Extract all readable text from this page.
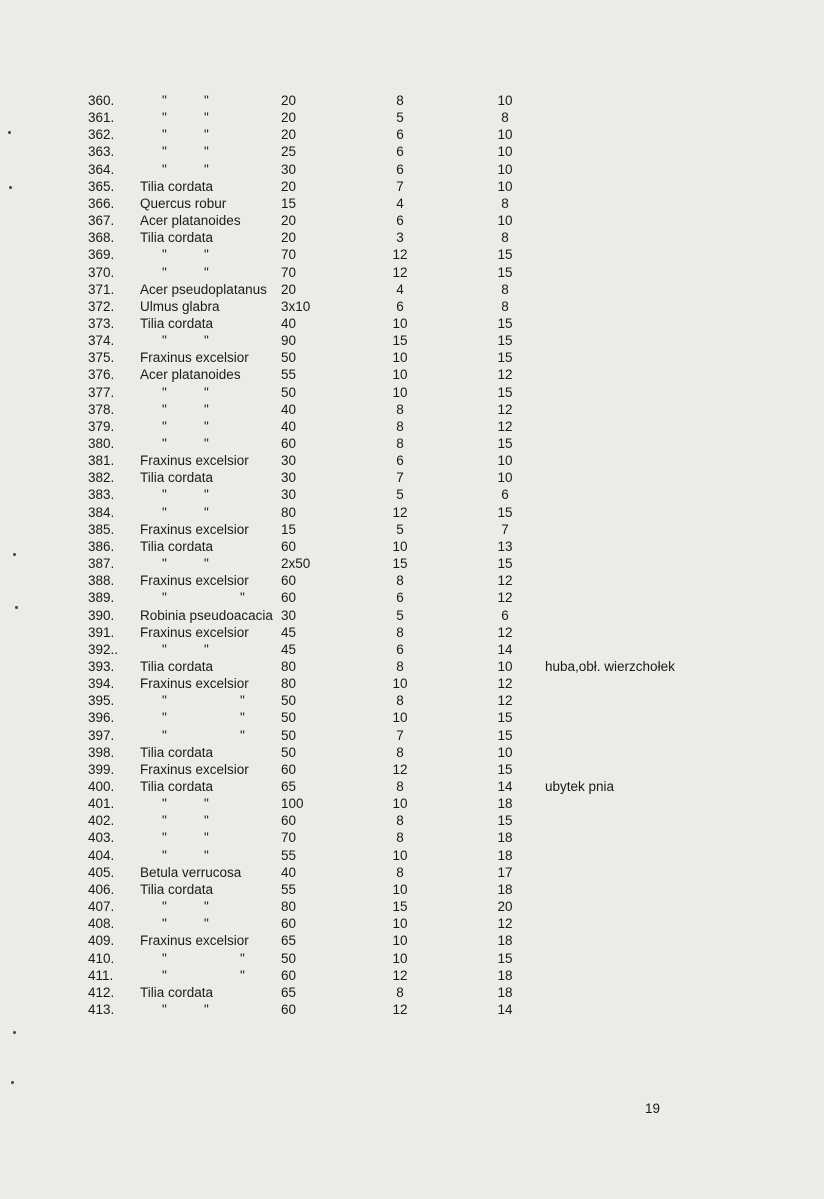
360.	"	"	20	8	10
361.	"	"	20	5	8
362.	"	"	20	6	10
363.	"	"	25	6	10
364.	"	"	30	6	10
365. Tilia cordata	20	7	10
366. Quercus robur	15	4	8
367. Acer platanoides	20	6	10
368. Tilia cordata	20	3	8
369.	"	"	70	12	15
370.	"	"	70	12	15
371. Acer pseudoplatanus 20	4	8
372. Ulmus glabra	3x10	6	8
373. Tilia cordata	40	10	15
374.	"	"	90	15	15
375. Fraxinus excelsior 50	10	15
376. Acer platanoides	55	10	12
377.	"	"	50	10	15
378.	"	"	40	8	12
379.	"	"	40	8	12
380.	"	"	60	8	15
381. Fraxinus excelsior 30	6	10
382. Tilia cordata	30	7	10
383.	"	"	30	5	6
384.	"	"	80	12	15
385. Fraxinus excelsior 15	5	7
386. Tilia cordata	60	10	13
387.	"	"	2x50	15	15
388. Fraxinus excelsior 60	8	12
389.	"	"	60	6	12
390. Robinia pseudoacacia 30	5	6
391. Fraxinus excelsior 45	8	12
392..	"	"	45	6	14
393. Tilia cordata	80	8	10	huba,obł. wierzchołek
394. Fraxinus excelsior 80	10	12
395.	"	"	50	8	12
396.	"	"	50	10	15
397.	"	"	50	7	15
398. Tilia cordata	50	8	10
399. Fraxinus excelsior 60	12	15
400. Tilia cordata	65	8	14	ubytek pnia
401.	"	"	100	10	18
402.	"	"	60	8	15
403.	"	"	70	8	18
404.	"	"	55	10	18
405. Betula verrucosa	40	8	17
406. Tilia cordata	55	10	18
407.	"	"	80	15	20
408.	"	"	60	10	12
409. Fraxinus excelsior 65	10	18
410.	"	"	50	10	15
411.	"	"	60	12	18
412. Tilia cordata	65	8	18
413.	"	"	60	12	14
19
